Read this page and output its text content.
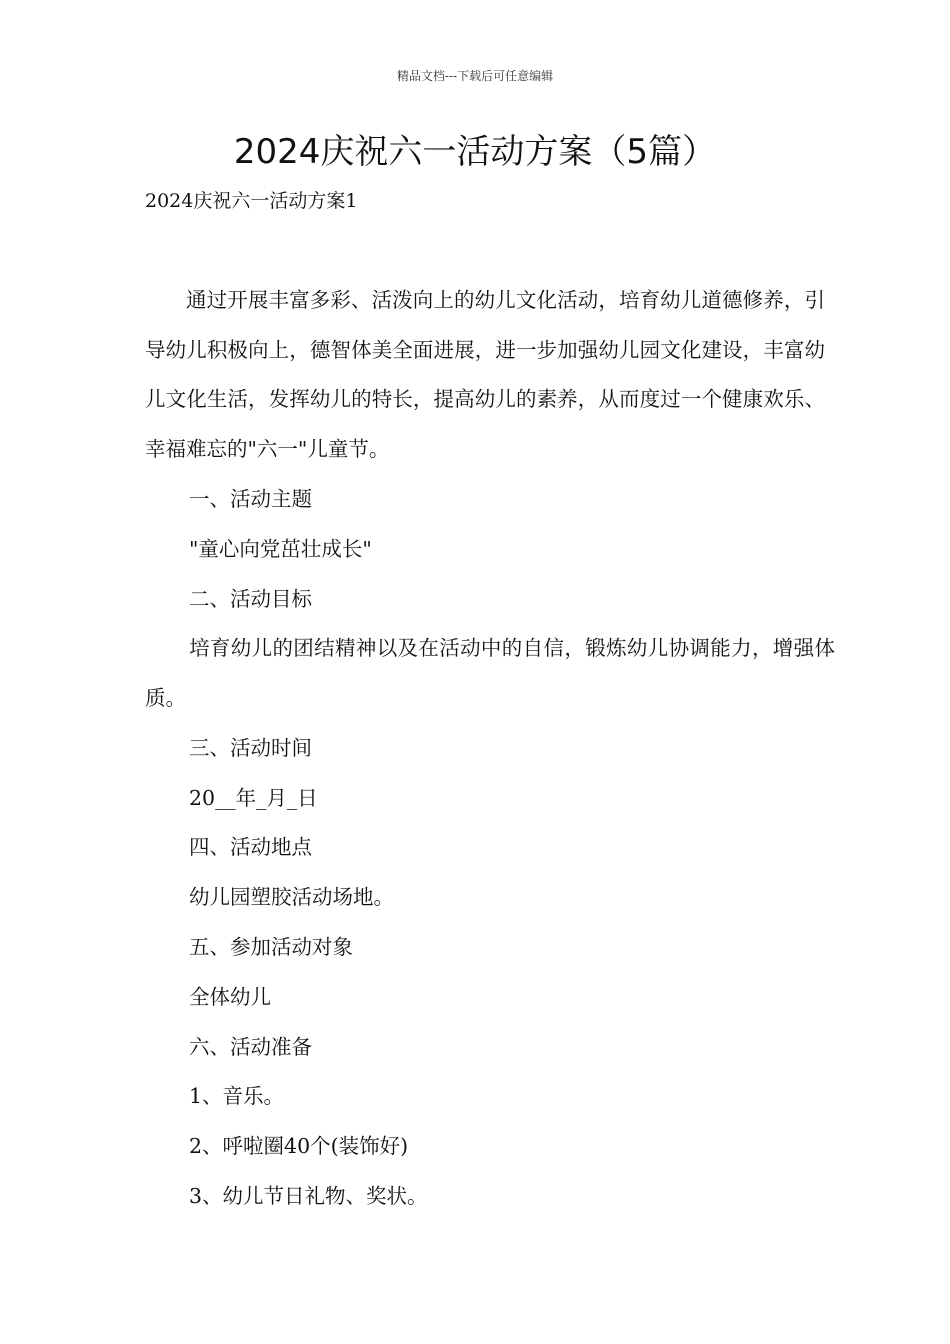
精品文档---下载后可任意编辑
2024庆祝六一活动方案（5篇）
2024庆祝六一活动方案1
通过开展丰富多彩、活泼向上的幼儿文化活动，培育幼儿道德修养，引导幼儿积极向上，德智体美全面进展，进一步加强幼儿园文化建设，丰富幼儿文化生活，发挥幼儿的特长，提高幼儿的素养，从而度过一个健康欢乐、幸福难忘的"六一"儿童节。
一、活动主题
"童心向党茁壮成长"
二、活动目标
培育幼儿的团结精神以及在活动中的自信，锻炼幼儿协调能力，增强体质。
三、活动时间
20__年_月_日
四、活动地点
幼儿园塑胶活动场地。
五、参加活动对象
全体幼儿
六、活动准备
1、音乐。
2、呼啦圈40个(装饰好)
3、幼儿节日礼物、奖状。
